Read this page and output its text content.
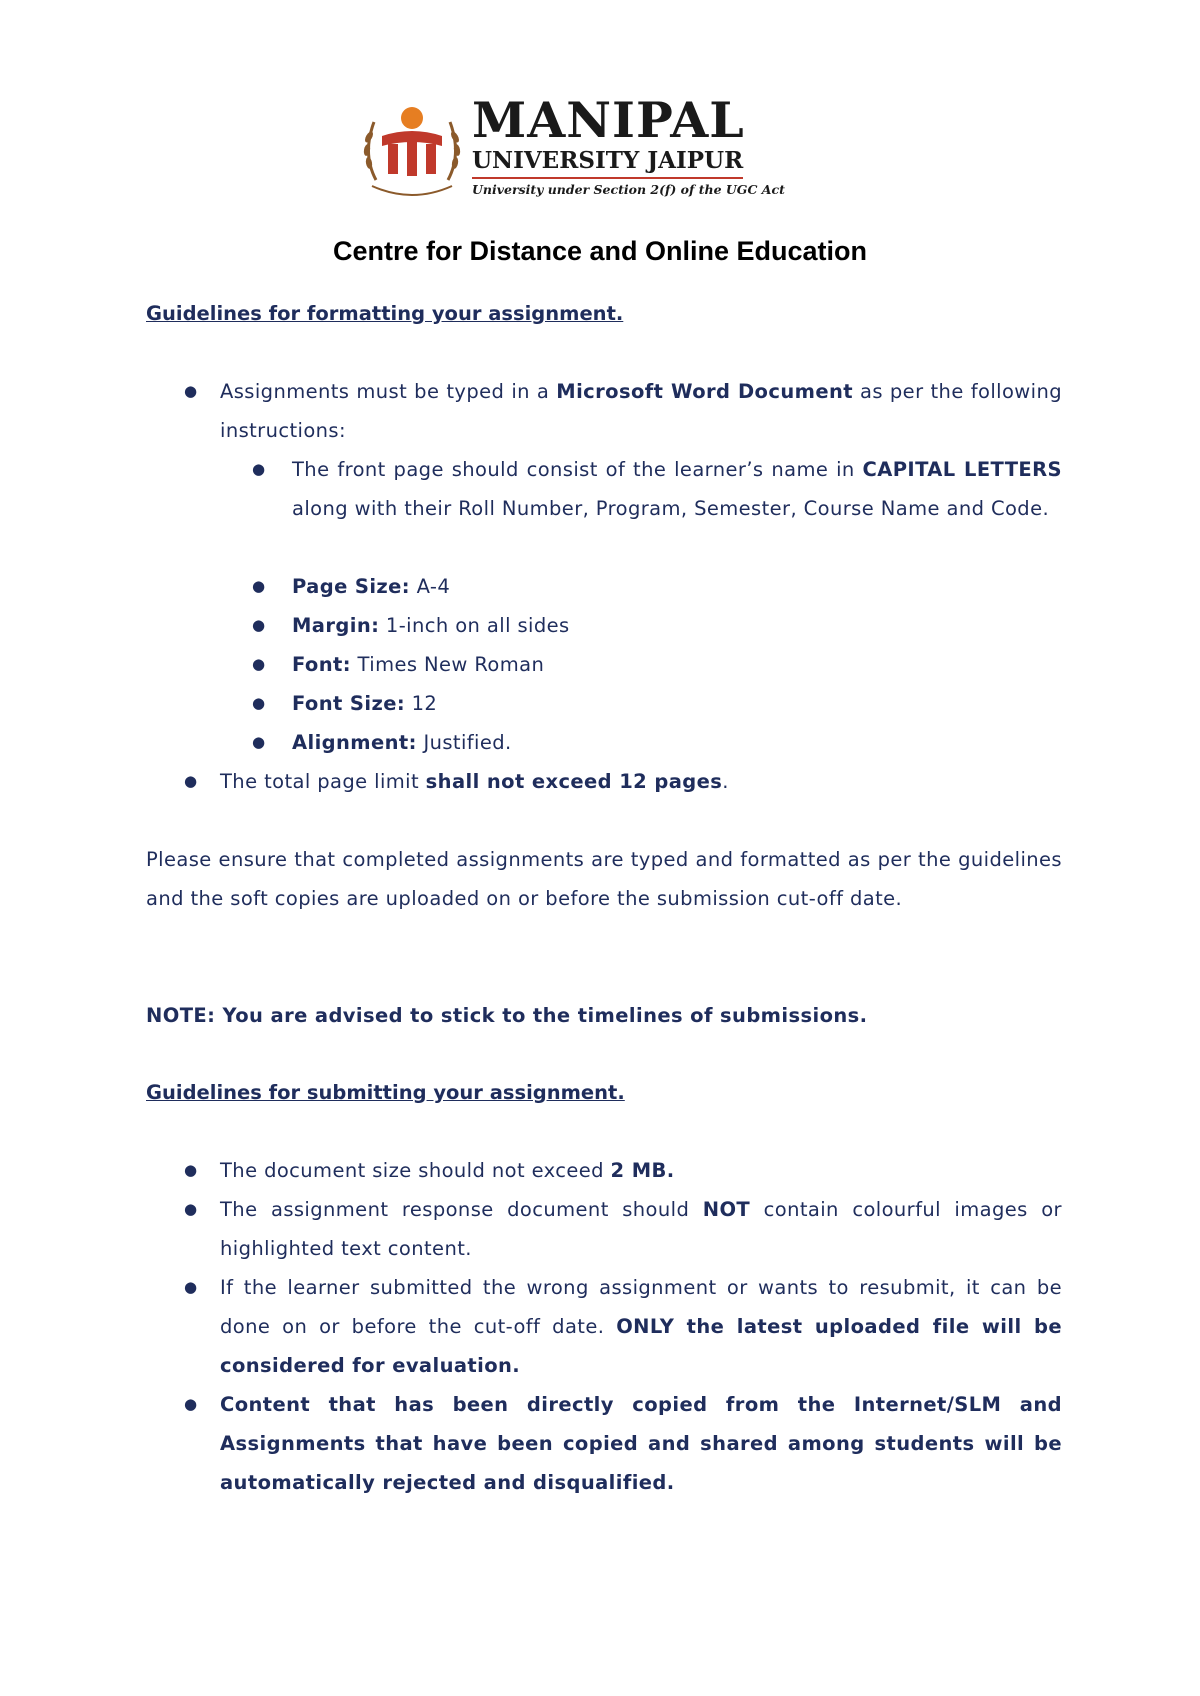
MANIPAL
UNIVERSITY JAIPUR
University under Section 2(f) of the UGC Act
Centre for Distance and Online Education
Guidelines for formatting your assignment.
● Assignments must be typed in a Microsoft Word Document as per the following instructions:
● The front page should consist of the learner’s name in CAPITAL LETTERS along with their Roll Number, Program, Semester, Course Name and Code.
● Page Size: A-4
● Margin: 1-inch on all sides
● Font: Times New Roman
● Font Size: 12
● Alignment: Justified.
● The total page limit shall not exceed 12 pages.
Please ensure that completed assignments are typed and formatted as per the guidelines and the soft copies are uploaded on or before the submission cut-off date.
NOTE: You are advised to stick to the timelines of submissions.
Guidelines for submitting your assignment.
● The document size should not exceed 2 MB.
● The assignment response document should NOT contain colourful images or highlighted text content.
● If the learner submitted the wrong assignment or wants to resubmit, it can be done on or before the cut-off date. ONLY the latest uploaded file will be considered for evaluation.
● Content that has been directly copied from the Internet/SLM and Assignments that have been copied and shared among students will be automatically rejected and disqualified.
